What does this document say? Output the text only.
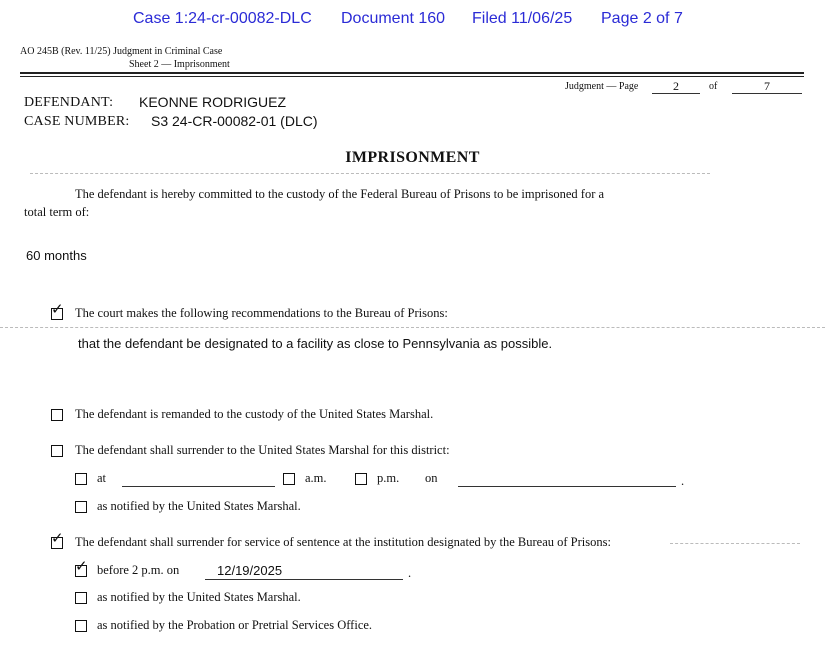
Case 1:24-cr-00082-DLC Document 160 Filed 11/06/25 Page 2 of 7
AO 245B (Rev. 11/25) Judgment in Criminal Case
Sheet 2 — Imprisonment
Judgment — Page	2	of	7
DEFENDANT: KEONNE RODRIGUEZ
CASE NUMBER: S3 24-CR-00082-01 (DLC)
IMPRISONMENT
The defendant is hereby committed to the custody of the Federal Bureau of Prisons to be imprisoned for a
total term of:
60 months
✓ The court makes the following recommendations to the Bureau of Prisons:
that the defendant be designated to a facility as close to Pennsylvania as possible.
The defendant is remanded to the custody of the United States Marshal.
The defendant shall surrender to the United States Marshal for this district:
at	a.m.	p.m. on	.
as notified by the United States Marshal.
✓ The defendant shall surrender for service of sentence at the institution designated by the Bureau of Prisons:
✓ before 2 p.m. on	12/19/2025	.
as notified by the United States Marshal.
as notified by the Probation or Pretrial Services Office.
